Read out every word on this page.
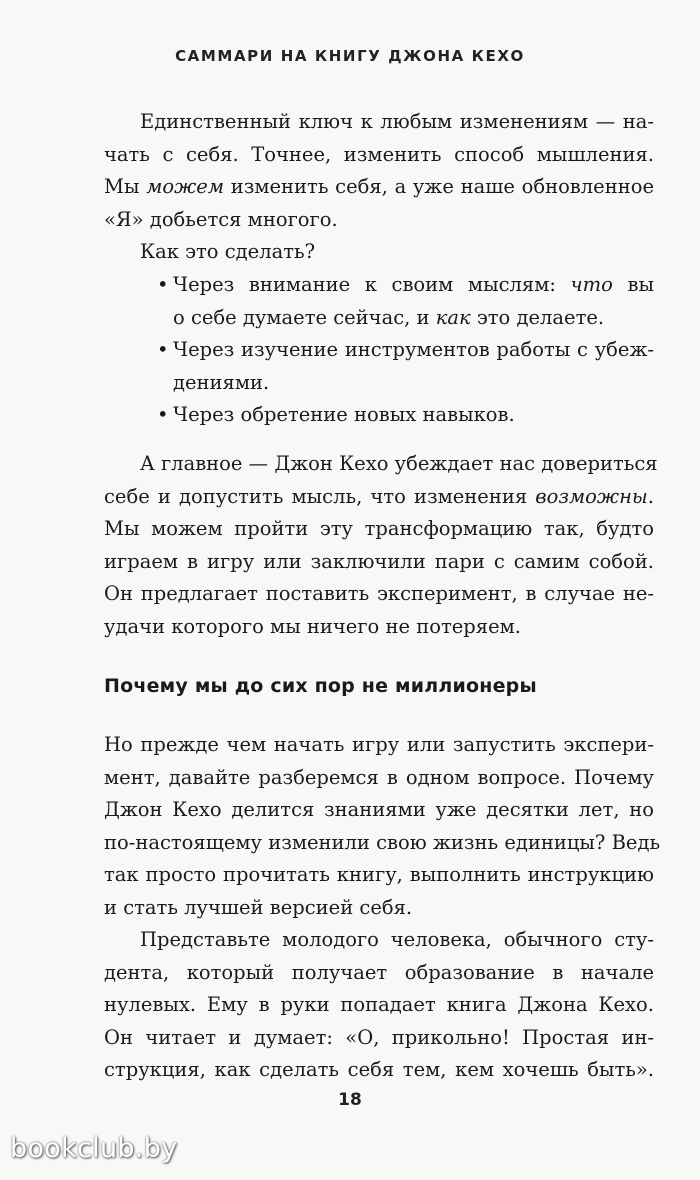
САММАРИ НА КНИГУ ДЖОНА КЕХО
Единственный ключ к любым изменениям — на-
чать с себя. Точнее, изменить способ мышления.
Мы можем изменить себя, а уже наше обновленное
«Я» добьется многого.
Как это сделать?
• Через внимание к своим мыслям: что вы
о себе думаете сейчас, и как это делаете.
• Через изучение инструментов работы с убеж-
дениями.
• Через обретение новых навыков.
А главное — Джон Кехо убеждает нас довериться
себе и допустить мысль, что изменения возможны.
Мы можем пройти эту трансформацию так, будто
играем в игру или заключили пари с самим собой.
Он предлагает поставить эксперимент, в случае не-
удачи которого мы ничего не потеряем.
Почему мы до сих пор не миллионеры
Но прежде чем начать игру или запустить экспери-
мент, давайте разберемся в одном вопросе. Почему
Джон Кехо делится знаниями уже десятки лет, но
по-настоящему изменили свою жизнь единицы? Ведь
так просто прочитать книгу, выполнить инструкцию
и стать лучшей версией себя.
Представьте молодого человека, обычного сту-
дента, который получает образование в начале
нулевых. Ему в руки попадает книга Джона Кехо.
Он читает и думает: «О, прикольно! Простая ин-
струкция, как сделать себя тем, кем хочешь быть».
18
bookclub.by
